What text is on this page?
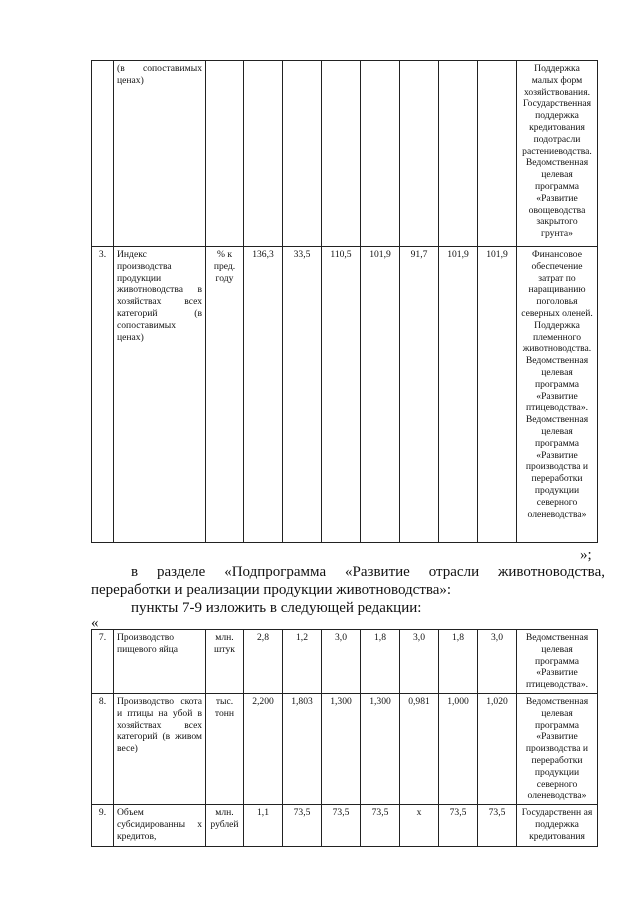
	(в сопоставимых ценах)									Поддержка малых форм хозяйствования. Государственная поддержка кредитования подотрасли растениеводства. Ведомственная целевая программа «Развитие овощеводства закрытого грунта»
3.	Индекс производства продукции животноводства в хозяйствах всех категорий (в сопоставимых ценах)	% к пред. году	136,3	33,5	110,5	101,9	91,7	101,9	101,9	Финансовое обеспечение затрат по наращиванию поголовья северных оленей. Поддержка племенного животноводства. Ведомственная целевая программа «Развитие птицеводства». Ведомственная целевая программа «Развитие производства и переработки продукции северного оленеводства»
»;
в разделе «Подпрограмма «Развитие отрасли животноводства,
переработки и реализации продукции животноводства»:
пункты 7-9 изложить в следующей редакции:
«
7.	Производство пищевого яйца	млн. штук	2,8	1,2	3,0	1,8	3,0	1,8	3,0	Ведомственная целевая программа «Развитие птицеводства».
8.	Производство скота и птицы на убой в хозяйствах всех категорий (в живом весе)	тыс. тонн	2,200	1,803	1,300	1,300	0,981	1,000	1,020	Ведомственная целевая программа «Развитие производства и переработки продукции северного оленеводства»
9.	Объем субсидированны х кредитов,	млн. рублей	1,1	73,5	73,5	73,5	х	73,5	73,5	Государственн ая поддержка кредитования
